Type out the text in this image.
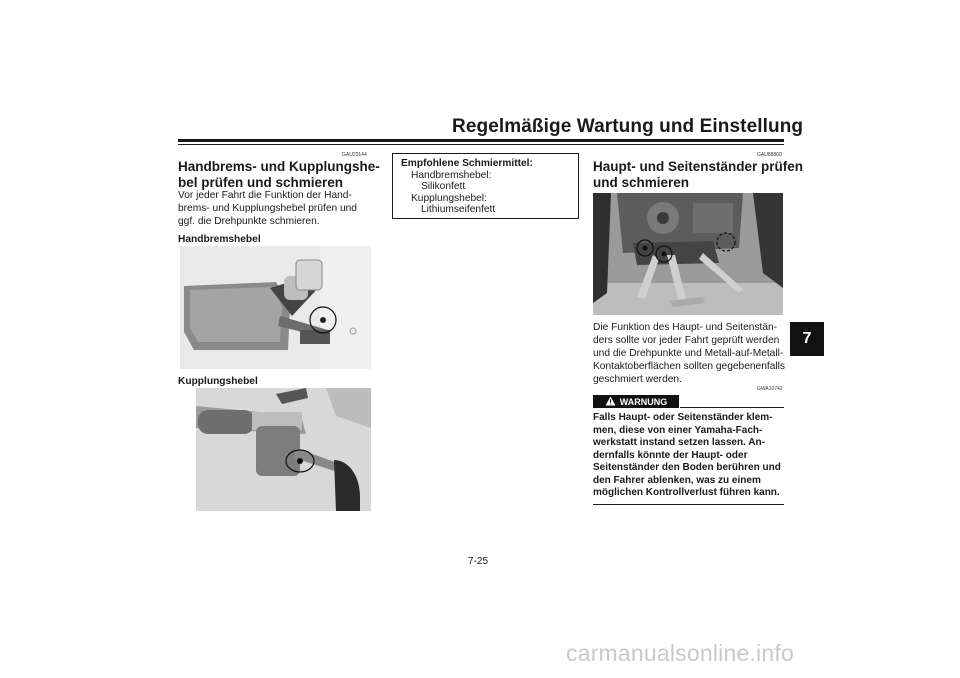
Regelmäßige Wartung und Einstellung
7
GAU23144
Handbrems- und Kupplungshe-
bel prüfen und schmieren
Vor jeder Fahrt die Funktion der Hand-
brems- und Kupplungshebel prüfen und
ggf. die Drehpunkte schmieren.
Handbremshebel
Kupplungshebel
Empfohlene Schmiermittel:
Handbremshebel:
Silikonfett
Kupplungshebel:
Lithiumseifenfett
GAU88860
Haupt- und Seitenständer prüfen
und schmieren
Die Funktion des Haupt- und Seitenstän-
ders sollte vor jeder Fahrt geprüft werden
und die Drehpunkte und Metall-auf-Metall-
Kontaktoberflächen sollten gegebenenfalls
geschmiert werden.
GWA10742
WARNUNG
Falls Haupt- oder Seitenständer klem-
men, diese von einer Yamaha-Fach-
werkstatt instand setzen lassen. An-
dernfalls könnte der Haupt- oder
Seitenständer den Boden berühren und
den Fahrer ablenken, was zu einem
möglichen Kontrollverlust führen kann.
7-25
carmanualsonline.info
